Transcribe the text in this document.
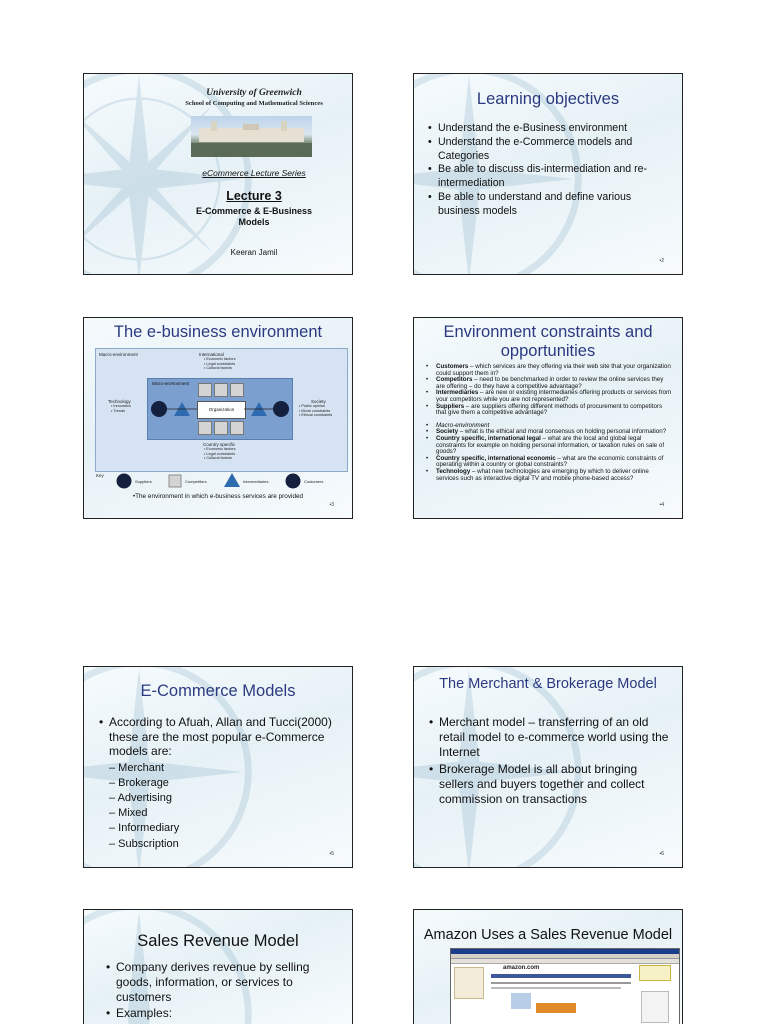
University of Greenwich
School of Computing and Mathematical Sciences
eCommerce Lecture Series
Lecture 3
E-Commerce & E-Business
Models
Keeran Jamil
Learning objectives
• Understand the e-Business environment
• Understand the e-Commerce models and Categories
• Be able to discuss dis-intermediation and re-intermediation
• Be able to understand and define various business models
•2
The e-business environment
Macro-environment	International
• Economic factors
• Legal constraints
• Cultural factors
Micro-environment
Organization
Technology
• Innovation
• Trends
Society
• Public opinion
• Moral constraints
• Ethical constraints
Country specific
• Economic factors
• Legal constraints
• Cultural factors
Key
Suppliers	Competitors	Intermediaries	Customers
•The environment in which e-business services are provided
•3
Environment constraints and opportunities
• Customers – which services are they offering via their web site that your organization could support them in?
• Competitors – need to be benchmarked in order to review the online services they are offering – do they have a competitive advantage?
• Intermediaries – are new or existing intermediaries offering products or services from your competitors while you are not represented?
• Suppliers – are suppliers offering different methods of procurement to competitors that give them a competitive advantage?
• Macro-environment
• Society – what is the ethical and moral consensus on holding personal information?
• Country specific, international legal – what are the local and global legal constraints for example on holding personal information, or taxation rules on sale of goods?
• Country specific, international economic – what are the economic constraints of operating within a country or global constraints?
• Technology – what new technologies are emerging by which to deliver online services such as interactive digital TV and mobile phone-based access?
•4
E-Commerce Models
• According to Afuah, Allan and Tucci(2000) these are the most popular e-Commerce models are:
– Merchant
– Brokerage
– Advertising
– Mixed
– Informediary
– Subscription
•5
The Merchant & Brokerage Model
• Merchant model – transferring of an old retail model to e-commerce world using the Internet
• Brokerage Model is all about bringing sellers and buyers together and collect commission on transactions
•6
Sales Revenue Model
• Company derives revenue by selling goods, information, or services to customers
• Examples:
Amazon Uses a Sales Revenue Model
amazon.com
